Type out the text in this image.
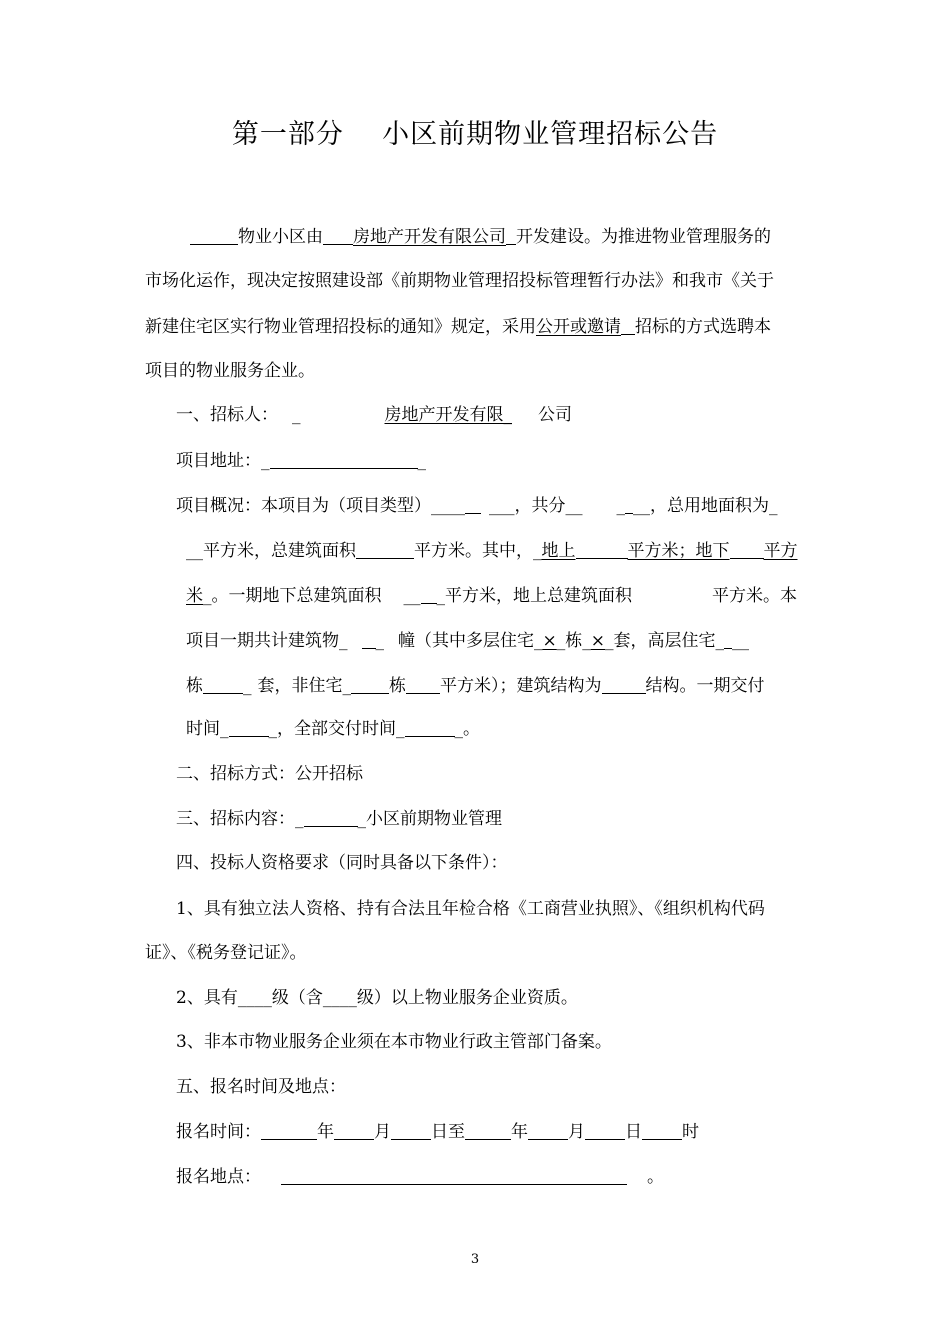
第一部分    小区前期物业管理招标公告
物业小区由 房地产开发有限公司 开发建设。为推进物业管理服务的
市场化运作，现决定按照建设部《前期物业管理招投标管理暂行办法》和我市《关于
新建住宅区实行物业管理招投标的通知》规定，采用公开或邀请 招标的方式选聘本
项目的物业服务企业。
一、招标人： _	房地产开发有限_ 公司
项目地址：_	_
项目概况：本项目为（项目类型）____ ___，共分__ _ __，总用地面积为_
__平方米，总建筑面积	平方米。其中，_地上	平方米；地下 平方
米_。一期地下总建筑面积 __ _平方米，地上总建筑面积	平方米。本
项目一期共计建筑物_ _ 幢（其中多层住宅_×_栋_×_套，高层住宅_ __
栋 _ 套，非住宅_ 栋 平方米）；建筑结构为	结构。一期交付
时间_ _，全部交付时间_	_。
二、招标方式：公开招标
三、招标内容：_	_小区前期物业管理
四、投标人资格要求（同时具备以下条件）：
1、具有独立法人资格、持有合法且年检合格《工商营业执照》、《组织机构代码
证》、《税务登记证》。
2、具有____级（含____级）以上物业服务企业资质。
3、非本市物业服务企业须在本市物业行政主管部门备案。
五、报名时间及地点：
报名时间：	年 月 日至	年 月 日 时
报名地点：	。
3
